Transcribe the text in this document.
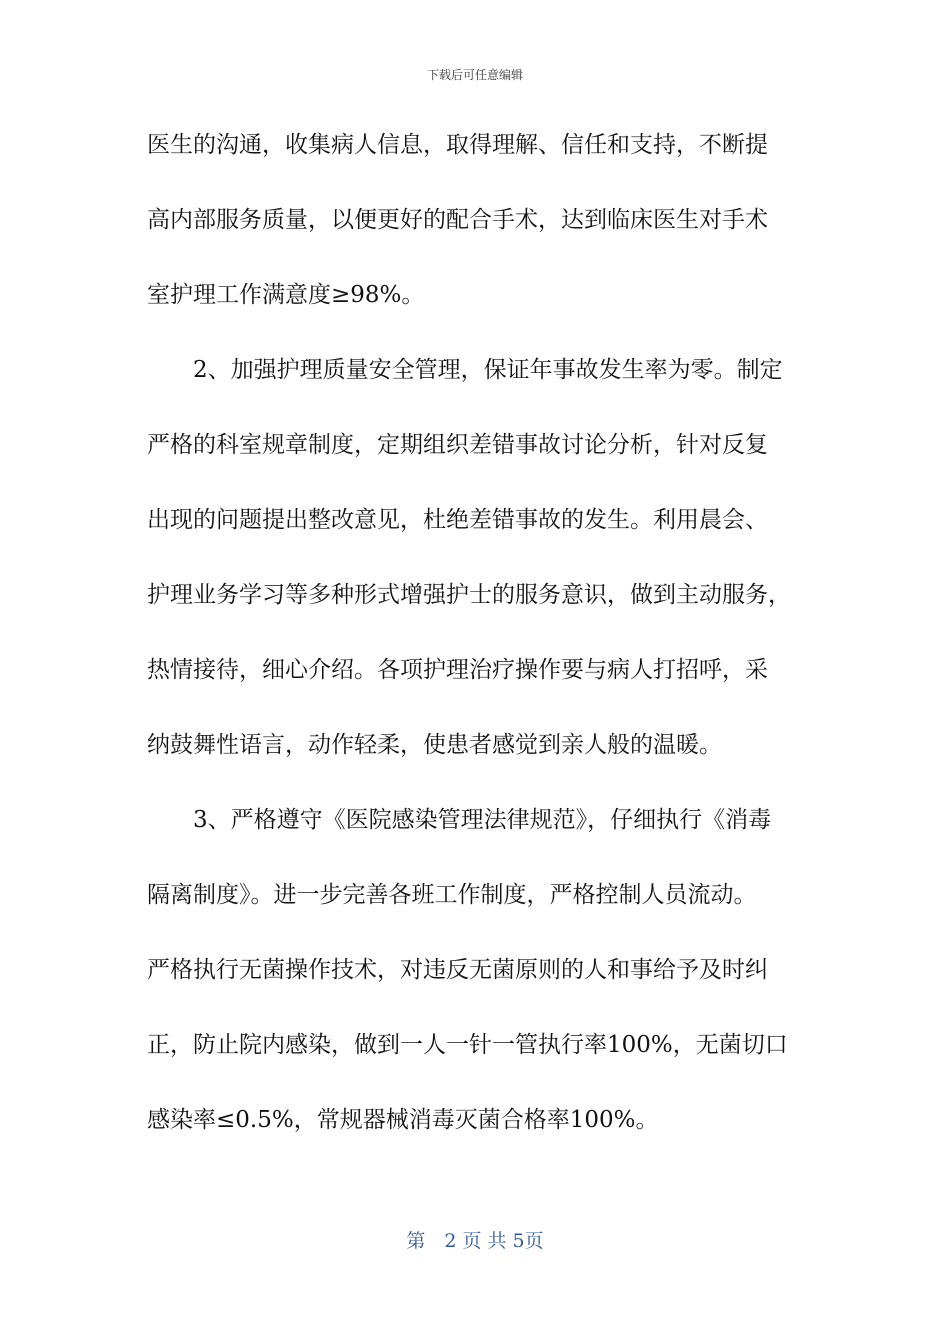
下载后可任意编辑
医生的沟通，收集病人信息，取得理解、信任和支持，不断提
高内部服务质量，以便更好的配合手术，达到临床医生对手术
室护理工作满意度≥98%。
2、加强护理质量安全管理，保证年事故发生率为零。制定
严格的科室规章制度，定期组织差错事故讨论分析，针对反复
出现的问题提出整改意见，杜绝差错事故的发生。利用晨会、
护理业务学习等多种形式增强护士的服务意识，做到主动服务，
热情接待，细心介绍。各项护理治疗操作要与病人打招呼，采
纳鼓舞性语言，动作轻柔，使患者感觉到亲人般的温暖。
3、严格遵守《医院感染管理法律规范》，仔细执行《消毒
隔离制度》。进一步完善各班工作制度，严格控制人员流动。
严格执行无菌操作技术，对违反无菌原则的人和事给予及时纠
正，防止院内感染，做到一人一针一管执行率100%，无菌切口
感染率≤0.5%，常规器械消毒灭菌合格率100%。
第　2 页 共 5页
